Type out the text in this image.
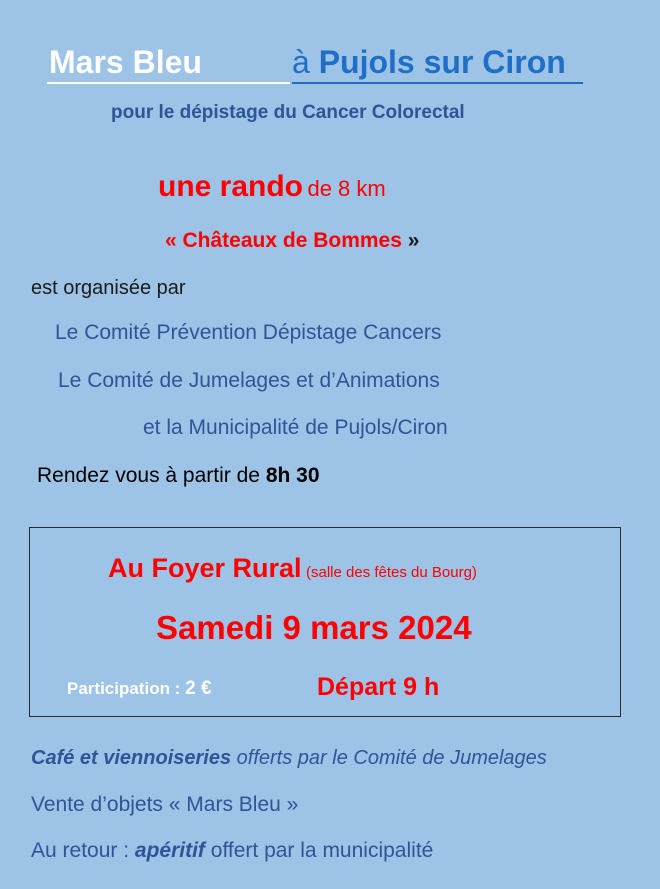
Mars Bleu	à Pujols sur Ciron
pour le dépistage du Cancer Colorectal
une rando de 8 km
« Châteaux de Bommes »
est organisée par
Le Comité Prévention Dépistage Cancers
Le Comité de Jumelages et d’Animations
et la Municipalité de Pujols/Ciron
Rendez vous à partir de 8h 30
Au Foyer Rural (salle des fêtes du Bourg)
Samedi 9 mars 2024
Participation : 2 €	Départ 9 h
Café et viennoiseries offerts par le Comité de Jumelages
Vente d’objets « Mars Bleu »
Au retour : apéritif offert par la municipalité
